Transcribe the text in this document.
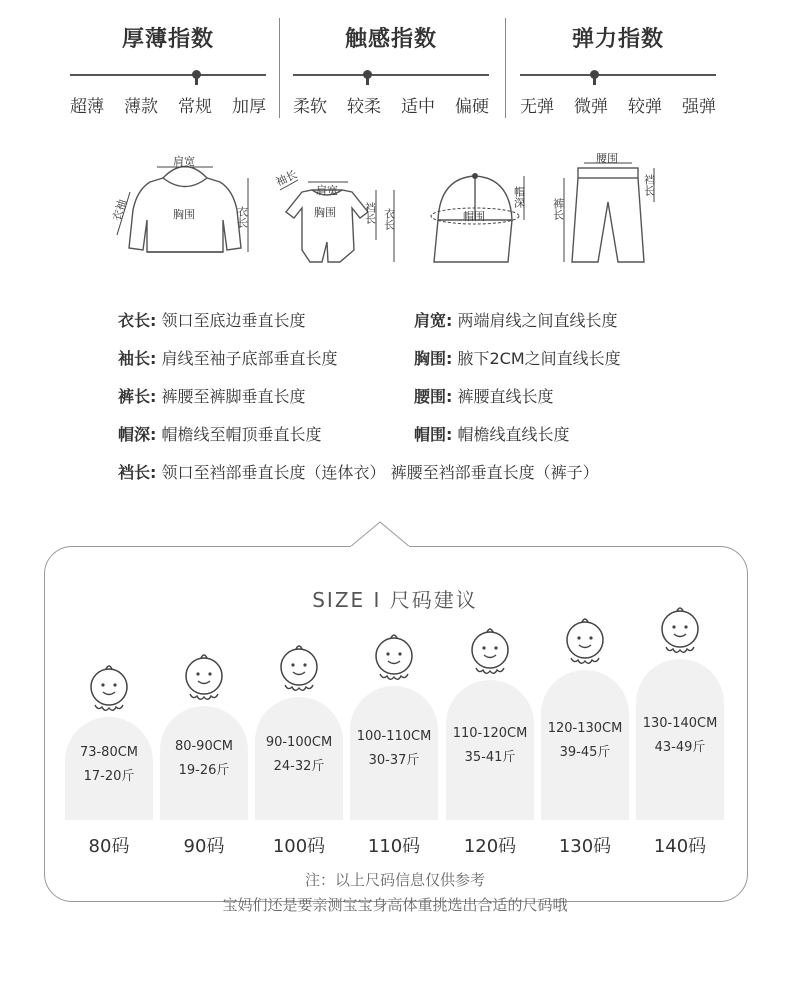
厚薄指数
超薄 薄款 常规 加厚
触感指数
柔软 较柔 适中 偏硬
弹力指数
无弹 微弹 较弹 强弹
肩宽
胸围
衣袖	衣长
肩宽
胸围
袖长
裆长 衣长	帽围
帽深
腰围
裤长
裆长
衣长: 领口至底边垂直长度	肩宽: 两端肩线之间直线长度
袖长: 肩线至袖子底部垂直长度	胸围: 腋下2CM之间直线长度
裤长: 裤腰至裤脚垂直长度	腰围: 裤腰直线长度
帽深: 帽檐线至帽顶垂直长度	帽围: 帽檐线直线长度
裆长: 领口至裆部垂直长度（连体衣） 裤腰至裆部垂直长度（裤子）
SIZE I 尺码建议
73-80CM
17-20斤
80码
80-90CM
19-26斤
90码
90-100CM
24-32斤
100码
100-110CM
30-37斤
110码
110-120CM
35-41斤
120码
120-130CM
39-45斤
130码
130-140CM
43-49斤
140码
注：以上尺码信息仅供参考
宝妈们还是要亲测宝宝身高体重挑选出合适的尺码哦
